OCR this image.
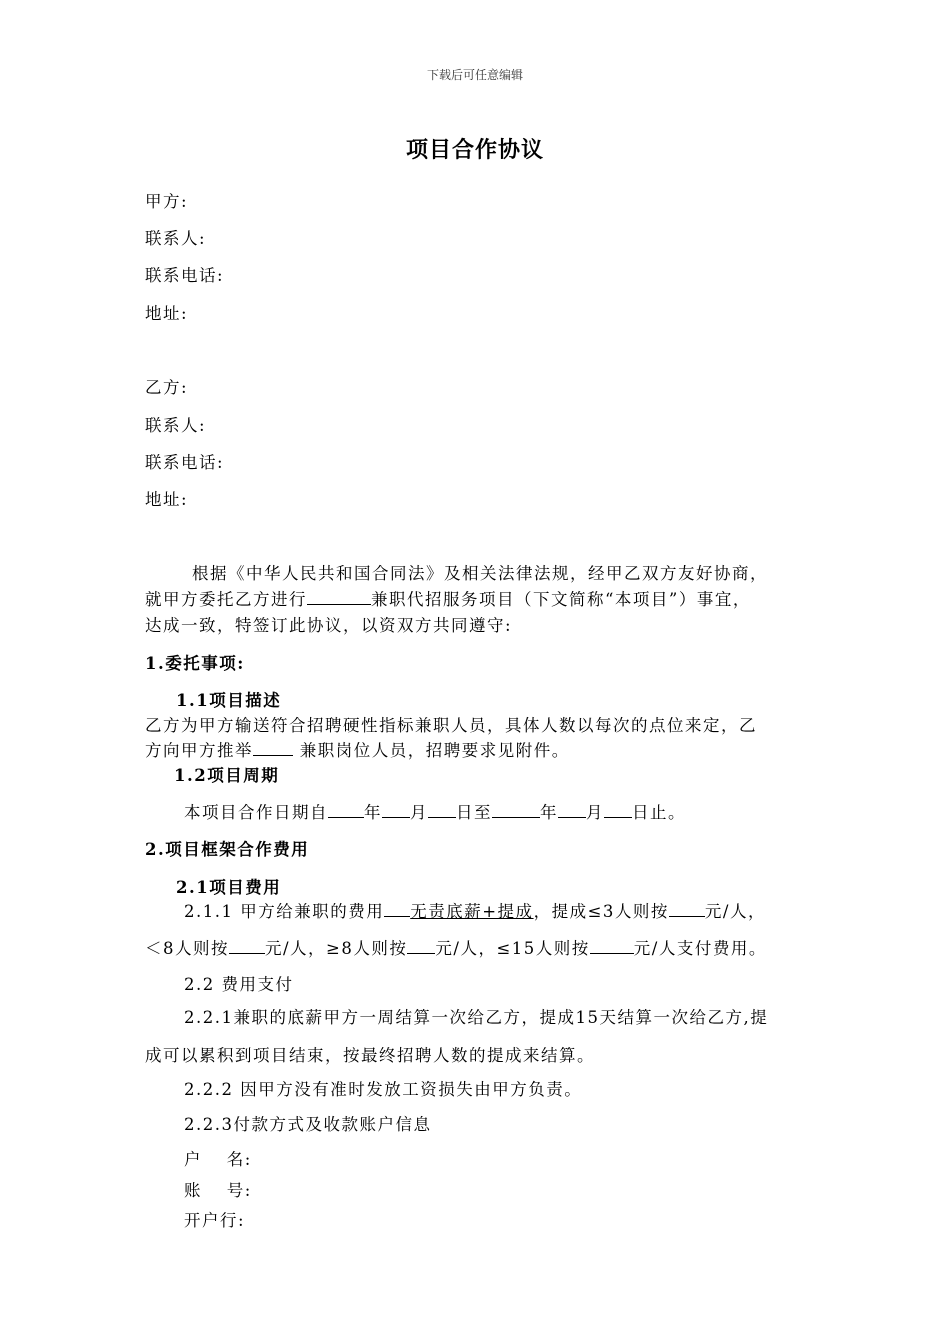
下载后可任意编辑
项目合作协议
甲方:
联系人:
联系电话:
地址:
乙方:
联系人:
联系电话:
地址:
根据《中华人民共和国合同法》及相关法律法规，经甲乙双方友好协商，
就甲方委托乙方进行	兼职代招服务项目（下文简称“本项目”）事宜，
达成一致，特签订此协议，以资双方共同遵守:
1.委托事项:
1.1项目描述
乙方为甲方输送符合招聘硬性指标兼职人员，具体人数以每次的点位来定，乙
方向甲方推举	兼职岗位人员，招聘要求见附件。
1.2项目周期
本项目合作日期自 年 月 日至	年 月 日止。
2.项目框架合作费用
2.1项目费用
2.1.1 甲方给兼职的费用 无责底薪+提成，提成≤3人则按 元/人，
＜8人则按 元/人，≥8人则按 元/人，≤15人则按	元/人支付费用。
2.2 费用支付
2.2.1兼职的底薪甲方一周结算一次给乙方，提成15天结算一次给乙方,提
成可以累积到项目结束，按最终招聘人数的提成来结算。
2.2.2 因甲方没有准时发放工资损失由甲方负责。
2.2.3付款方式及收款账户信息
户　 名:
账　 号:
开户行:
